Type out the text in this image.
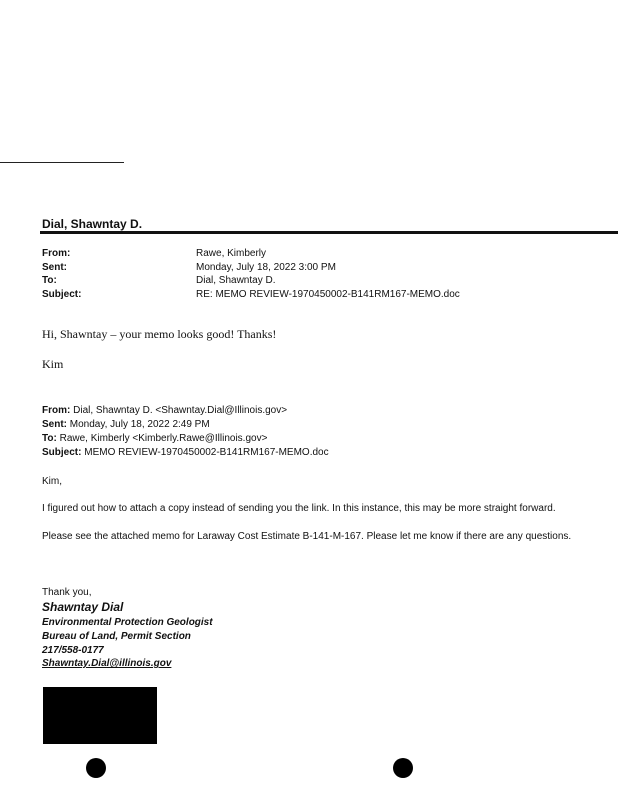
Dial, Shawntay D.
From:	Rawe, Kimberly
Sent:	Monday, July 18, 2022 3:00 PM
To:	Dial, Shawntay D.
Subject:	RE: MEMO REVIEW-1970450002-B141RM167-MEMO.doc
Hi, Shawntay – your memo looks good! Thanks!
Kim
From: Dial, Shawntay D. <Shawntay.Dial@Illinois.gov>
Sent: Monday, July 18, 2022 2:49 PM
To: Rawe, Kimberly <Kimberly.Rawe@Illinois.gov>
Subject: MEMO REVIEW-1970450002-B141RM167-MEMO.doc
Kim,
I figured out how to attach a copy instead of sending you the link. In this instance, this may be more straight forward.
Please see the attached memo for Laraway Cost Estimate B-141-M-167. Please let me know if there are any questions.
Thank you,
Shawntay Dial
Environmental Protection Geologist
Bureau of Land, Permit Section
217/558-0177
Shawntay.Dial@illinois.gov
